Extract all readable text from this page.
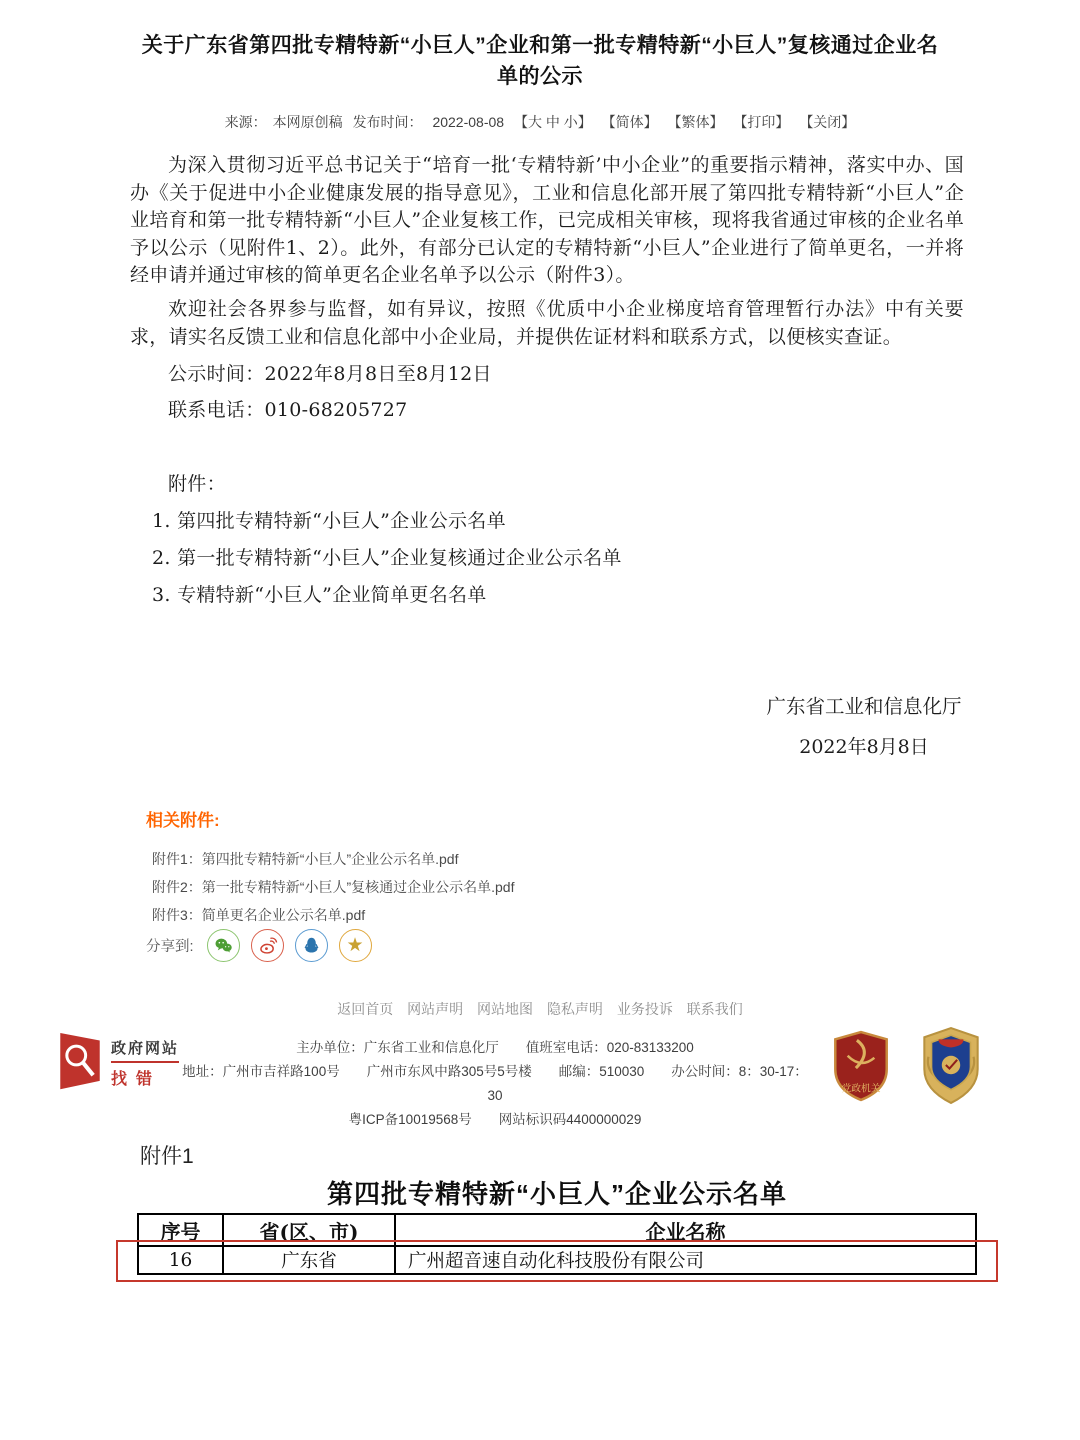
关于广东省第四批专精特新“小巨人”企业和第一批专精特新“小巨人”复核通过企业名单的公示
来源： 本网原创稿 发布时间： 2022-08-08 【大 中 小】 【简体】 【繁体】 【打印】 【关闭】
为深入贯彻习近平总书记关于“培育一批‘专精特新’中小企业”的重要指示精神，落实中办、国办《关于促进中小企业健康发展的指导意见》，工业和信息化部开展了第四批专精特新“小巨人”企业培育和第一批专精特新“小巨人”企业复核工作，已完成相关审核，现将我省通过审核的企业名单予以公示（见附件1、2）。此外，有部分已认定的专精特新“小巨人”企业进行了简单更名，一并将经申请并通过审核的简单更名企业名单予以公示（附件3）。
欢迎社会各界参与监督，如有异议，按照《优质中小企业梯度培育管理暂行办法》中有关要求，请实名反馈工业和信息化部中小企业局，并提供佐证材料和联系方式，以便核实查证。
公示时间：2022年8月8日至8月12日
联系电话：010-68205727
附件：
1. 第四批专精特新“小巨人”企业公示名单
2. 第一批专精特新“小巨人”企业复核通过企业公示名单
3. 专精特新“小巨人”企业简单更名名单
广东省工业和信息化厅
2022年8月8日
相关附件:
附件1：第四批专精特新“小巨人”企业公示名单.pdf
附件2：第一批专精特新“小巨人”复核通过企业公示名单.pdf
附件3：简单更名企业公示名单.pdf
分享到:	★
返回首页 网站声明 网站地图 隐私声明 业务投诉 联系我们
主办单位：广东省工业和信息化厅　　值班室电话：020-83133200
地址：广州市吉祥路100号　　广州市东风中路305号5号楼　　邮编：510030　　办公时间：8：30-17：30
粤ICP备10019568号　　网站标识码4400000029
政府网站
找错
党政机关
附件1
第四批专精特新“小巨人”企业公示名单
序号	省(区、市)	企业名称
16	广东省	广州超音速自动化科技股份有限公司
